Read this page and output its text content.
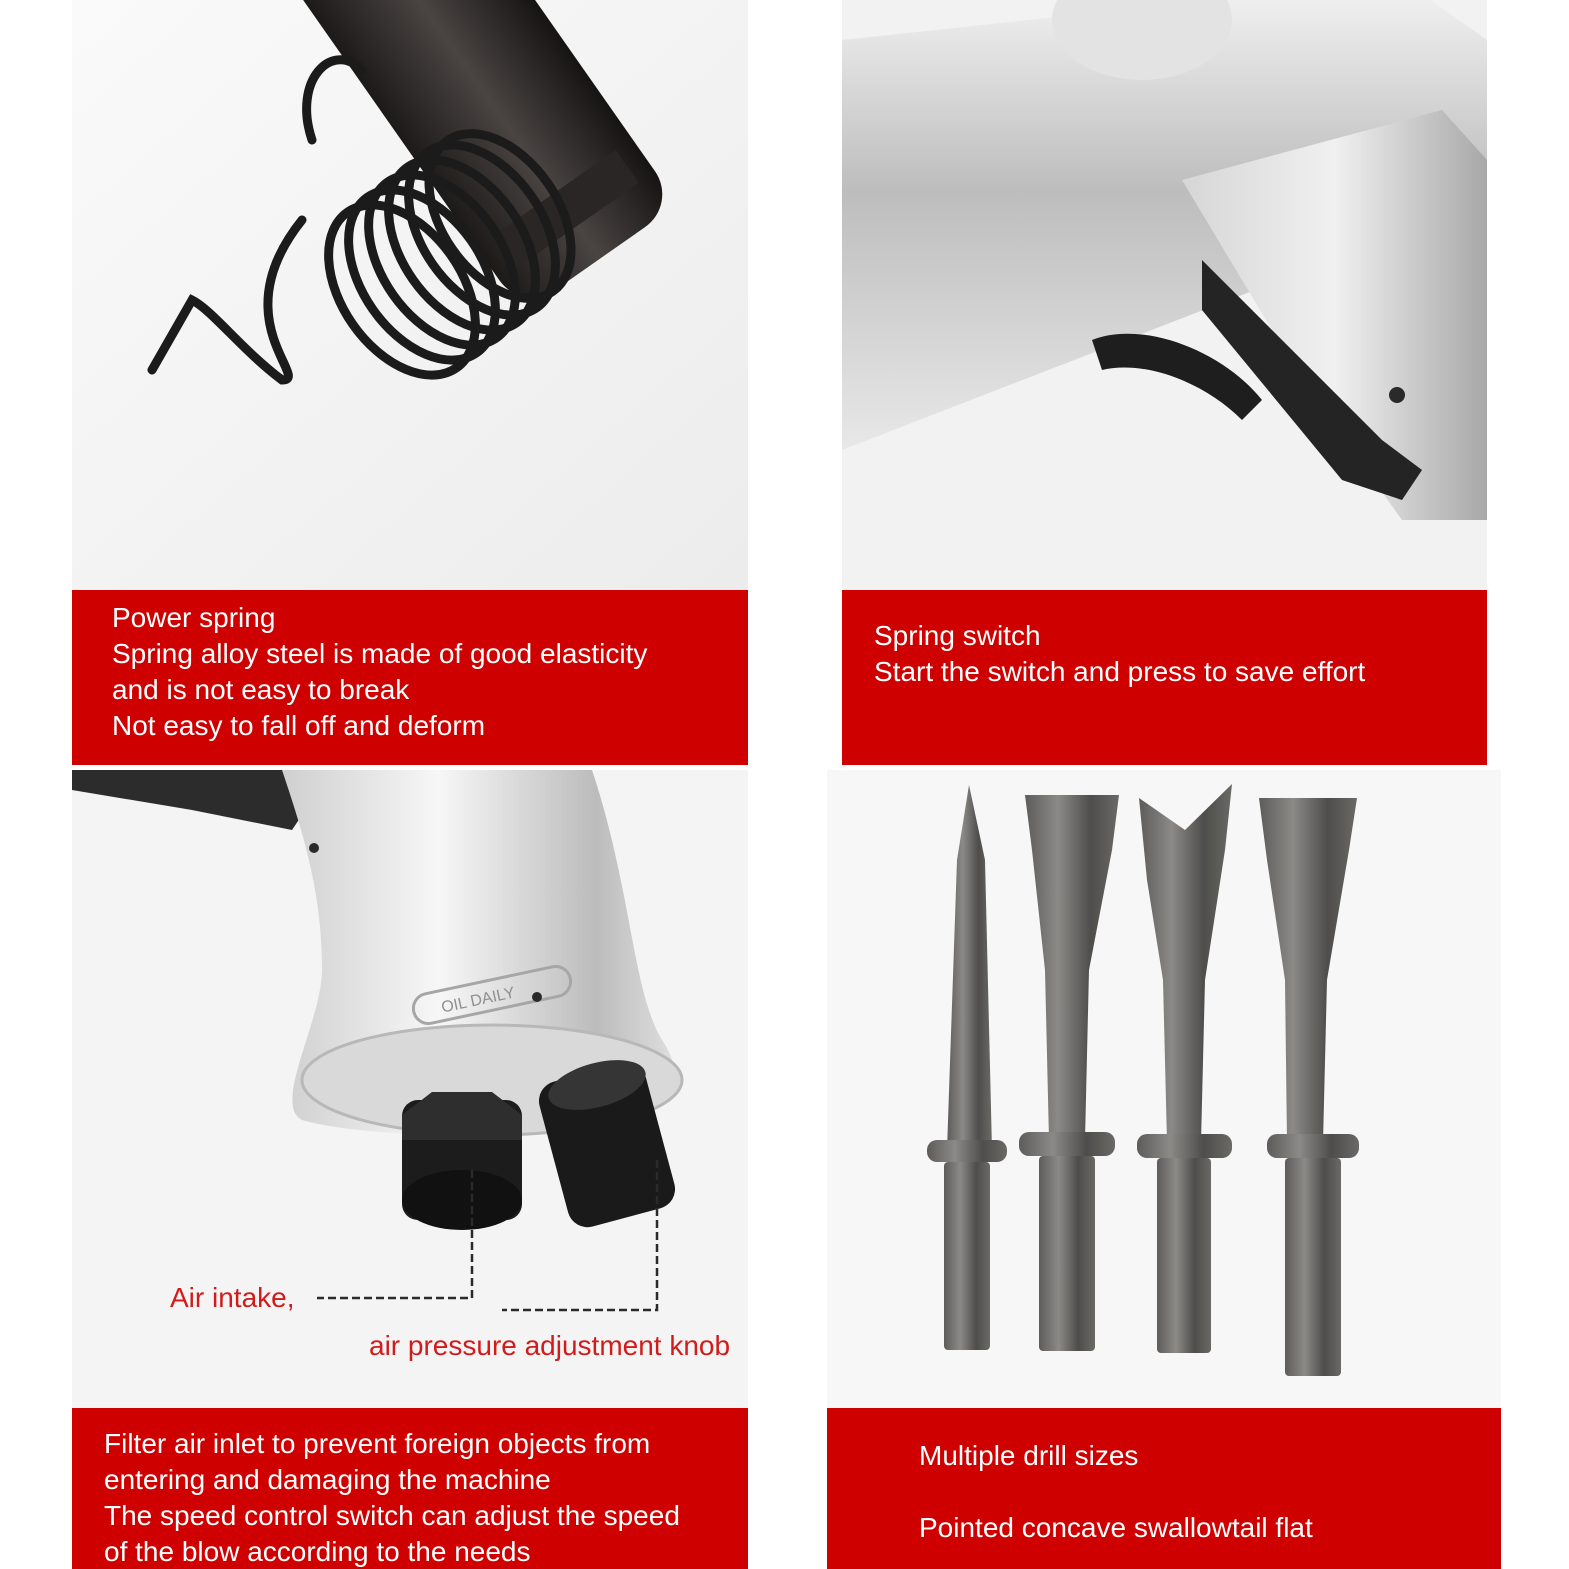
Power spring
Spring alloy steel is made of good elasticity
and is not easy to break
Not easy to fall off and deform
Spring switch
Start the switch and press to save effort
OIL DAILY
Air intake,
air pressure adjustment knob
Filter air inlet to prevent foreign objects from
entering and damaging the machine
The speed control switch can adjust the speed
of the blow according to the needs
Multiple drill sizes
Pointed concave swallowtail flat
